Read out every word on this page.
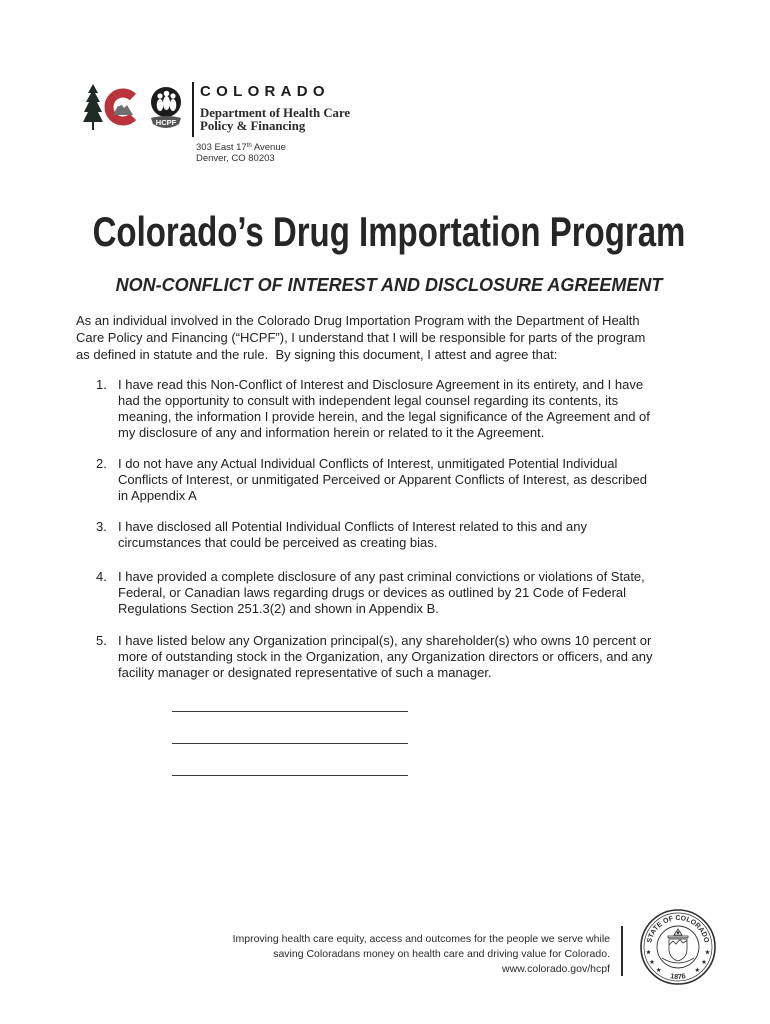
HCPF
COLORADO
Department of Health Care
Policy & Financing
303 East 17th Avenue
Denver, CO 80203
Colorado’s Drug Importation Program
NON-CONFLICT OF INTEREST AND DISCLOSURE AGREEMENT
As an individual involved in the Colorado Drug Importation Program with the Department of Health
Care Policy and Financing (“HCPF”), I understand that I will be responsible for parts of the program
as defined in statute and the rule.  By signing this document, I attest and agree that:
1. I have read this Non-Conflict of Interest and Disclosure Agreement in its entirety, and I have
had the opportunity to consult with independent legal counsel regarding its contents, its
meaning, the information I provide herein, and the legal significance of the Agreement and of
my disclosure of any and information herein or related to it the Agreement.
2. I do not have any Actual Individual Conflicts of Interest, unmitigated Potential Individual
Conflicts of Interest, or unmitigated Perceived or Apparent Conflicts of Interest, as described
in Appendix A
3. I have disclosed all Potential Individual Conflicts of Interest related to this and any
circumstances that could be perceived as creating bias.
4. I have provided a complete disclosure of any past criminal convictions or violations of State,
Federal, or Canadian laws regarding drugs or devices as outlined by 21 Code of Federal
Regulations Section 251.3(2) and shown in Appendix B.
5. I have listed below any Organization principal(s), any shareholder(s) who owns 10 percent or
more of outstanding stock in the Organization, any Organization directors or officers, and any
facility manager or designated representative of such a manager.
Improving health care equity, access and outcomes for the people we serve while
saving Coloradans money on health care and driving value for Colorado.
www.colorado.gov/hcpf
STATE OF COLORADO
1876
